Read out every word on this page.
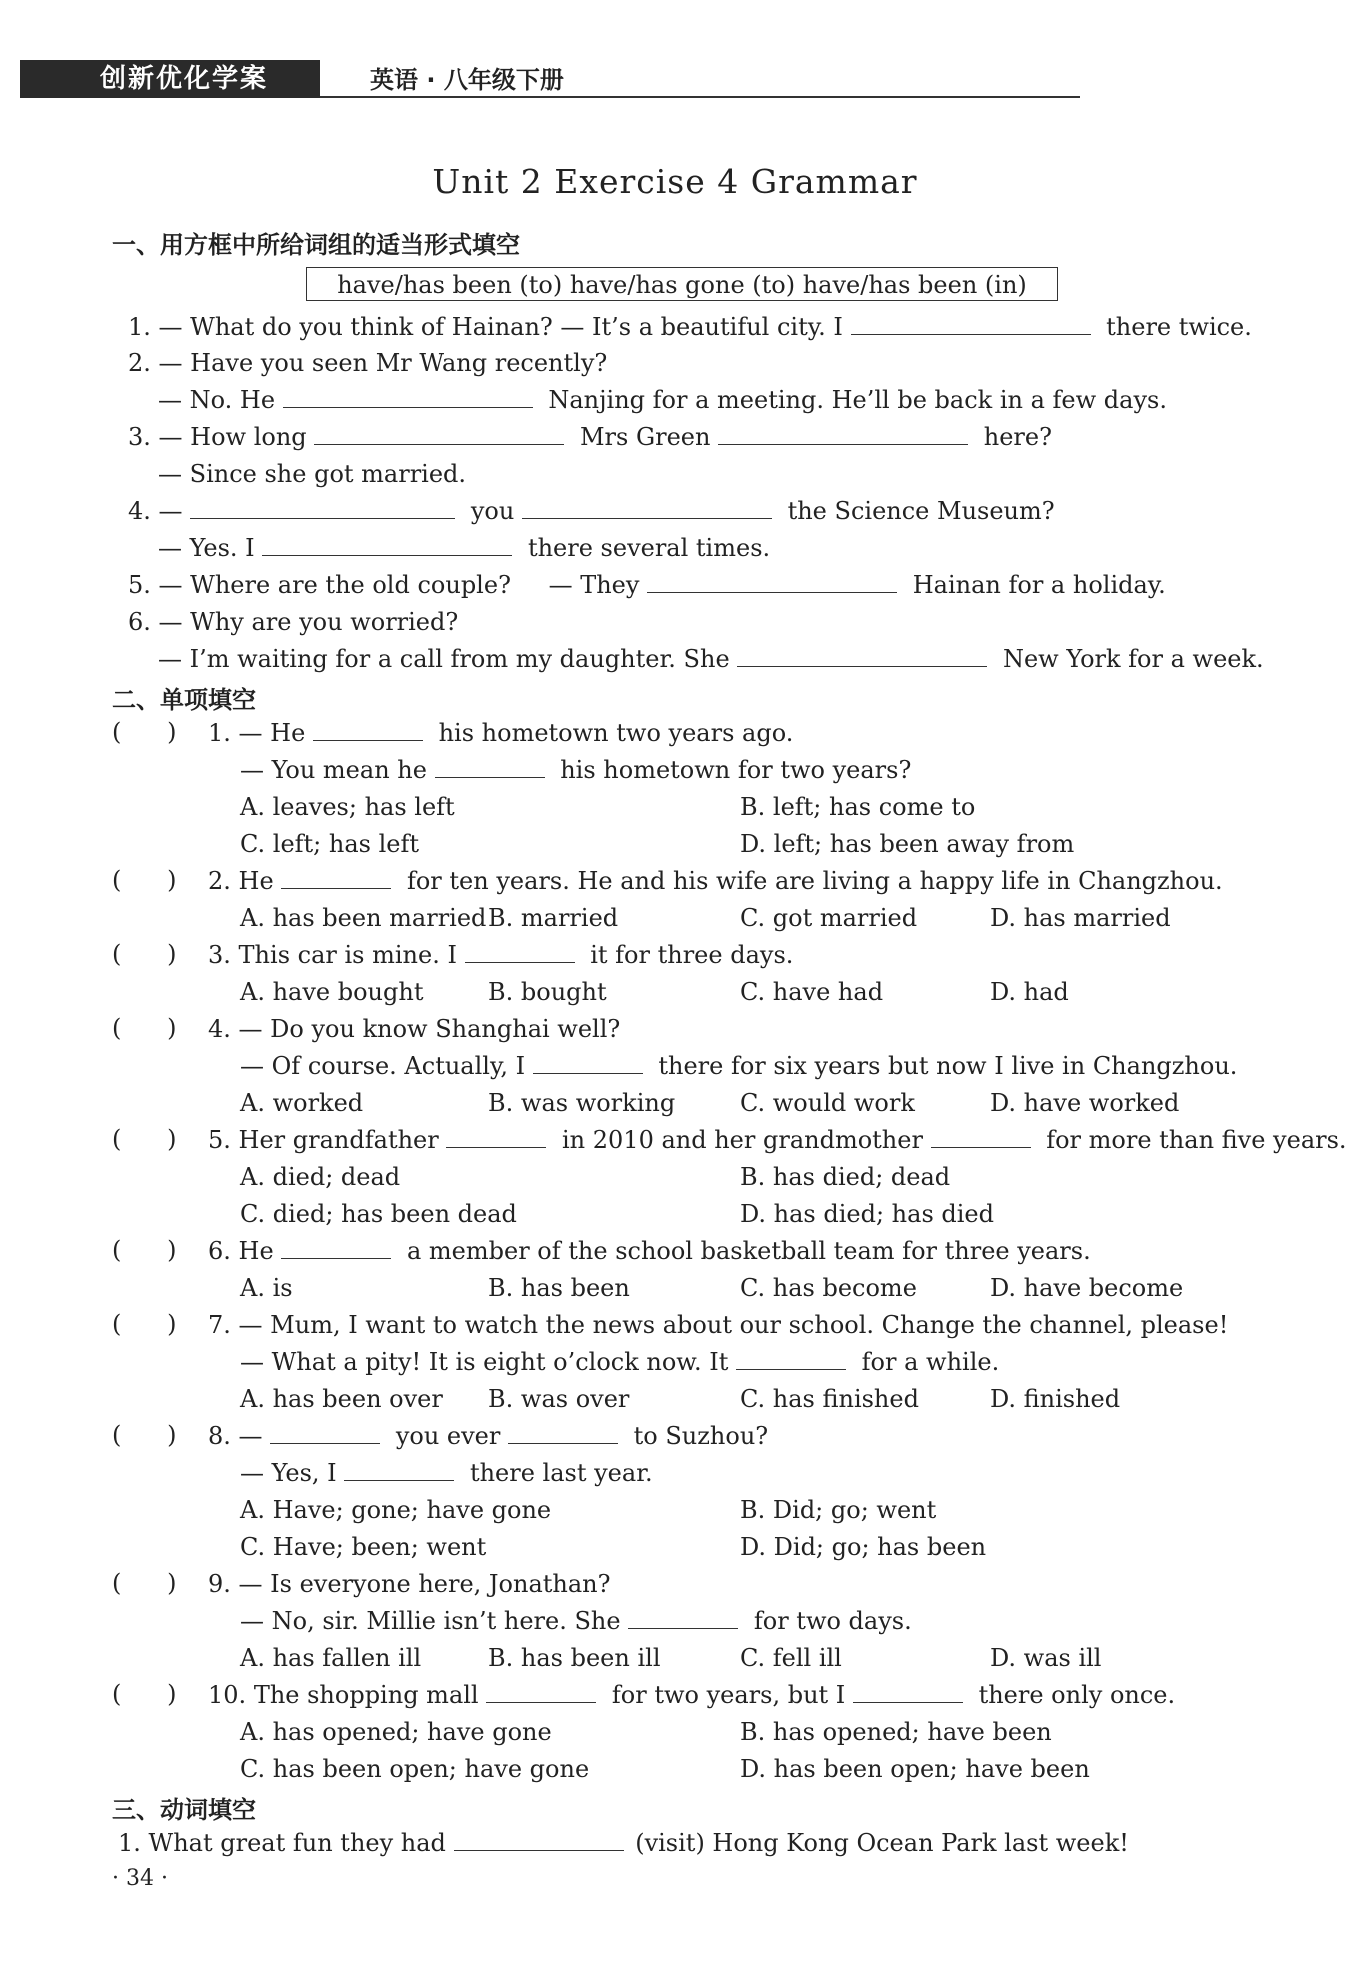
创新优化学案	英语 · 八年级下册
Unit 2 Exercise 4 Grammar
一、用方框中所给词组的适当形式填空
have/has been (to) have/has gone (to) have/has been (in)
1. — What do you think of Hainan? — It’s a beautiful city. I	there twice.
2. — Have you seen Mr Wang recently?
— No. He	Nanjing for a meeting. He’ll be back in a few days.
3. — How long	Mrs Green	here?
— Since she got married.
4. —	you	the Science Museum?
— Yes. I	there several times.
5. — Where are the old couple? — They	Hainan for a holiday.
6. — Why are you worried?
— I’m waiting for a call from my daughter. She	New York for a week.
二、单项填空
(      ) 1. — He	his hometown two years ago.
— You mean he	his hometown for two years?
A. leaves; has left	B. left; has come to
C. left; has left	D. left; has been away from
(      ) 2. He	for ten years. He and his wife are living a happy life in Changzhou.
A. has been married B. married	C. got married	D. has married
(      ) 3. This car is mine. I	it for three days.
A. have bought	B. bought	C. have had	D. had
(      ) 4. — Do you know Shanghai well?
— Of course. Actually, I	there for six years but now I live in Changzhou.
A. worked	B. was working	C. would work	D. have worked
(      ) 5. Her grandfather	in 2010 and her grandmother	for more than five years.
A. died; dead	B. has died; dead
C. died; has been dead	D. has died; has died
(      ) 6. He	a member of the school basketball team for three years.
A. is	B. has been	C. has become	D. have become
(      ) 7. — Mum, I want to watch the news about our school. Change the channel, please!
— What a pity! It is eight o’clock now. It	for a while.
A. has been over B. was over	C. has finished	D. finished
(      ) 8. —	you ever	to Suzhou?
— Yes, I	there last year.
A. Have; gone; have gone	B. Did; go; went
C. Have; been; went	D. Did; go; has been
(      ) 9. — Is everyone here, Jonathan?
— No, sir. Millie isn’t here. She	for two days.
A. has fallen ill	B. has been ill	C. fell ill	D. was ill
(      ) 10. The shopping mall	for two years, but I	there only once.
A. has opened; have gone	B. has opened; have been
C. has been open; have gone	D. has been open; have been
三、动词填空
1. What great fun they had	(visit) Hong Kong Ocean Park last week!
· 34 ·
